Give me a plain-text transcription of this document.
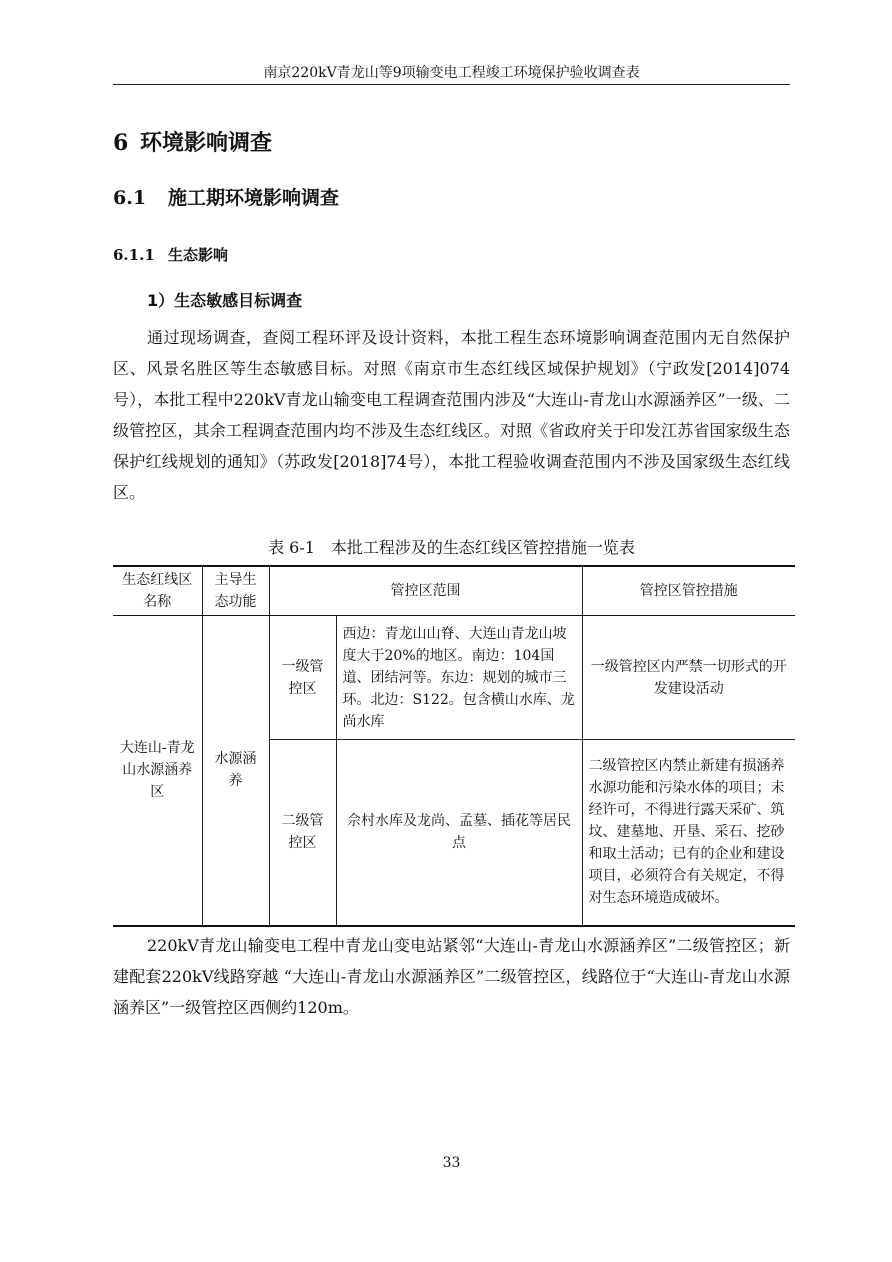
南京220kV青龙山等9项输变电工程竣工环境保护验收调查表
6 环境影响调查
6.1 施工期环境影响调查
6.1.1 生态影响
1）生态敏感目标调查

通过现场调查，查阅工程环评及设计资料，本批工程生态环境影响调查范围内无自然保护区、风景名胜区等生态敏感目标。对照《南京市生态红线区域保护规划》（宁政发[2014]074号），本批工程中220kV青龙山输变电工程调查范围内涉及“大连山-青龙山水源涵养区”一级、二级管控区，其余工程调查范围内均不涉及生态红线区。对照《省政府关于印发江苏省国家级生态保护红线规划的通知》（苏政发[2018]74号），本批工程验收调查范围内不涉及国家级生态红线区。

表 6-1 本批工程涉及的生态红线区管控措施一览表
生态红线区名称	主导生态功能	管控区范围		管控区管控措施
大连山-青龙山水源涵养区	水源涵养	一级管控区	西边：青龙山山脊、大连山青龙山坡度大于20%的地区。南边：104国道、团结河等。东边：规划的城市三环。北边：S122。包含横山水库、龙尚水库	一级管控区内严禁一切形式的开发建设活动
		二级管控区	佘村水库及龙尚、孟墓、插花等居民点	二级管控区内禁止新建有损涵养水源功能和污染水体的项目；未经许可，不得进行露天采矿、筑坟、建墓地、开垦、采石、挖砂和取土活动；已有的企业和建设项目，必须符合有关规定，不得对生态环境造成破坏。

220kV青龙山输变电工程中青龙山变电站紧邻“大连山-青龙山水源涵养区”二级管控区；新建配套220kV线路穿越 “大连山-青龙山水源涵养区”二级管控区，线路位于“大连山-青龙山水源涵养区”一级管控区西侧约120m。

33
